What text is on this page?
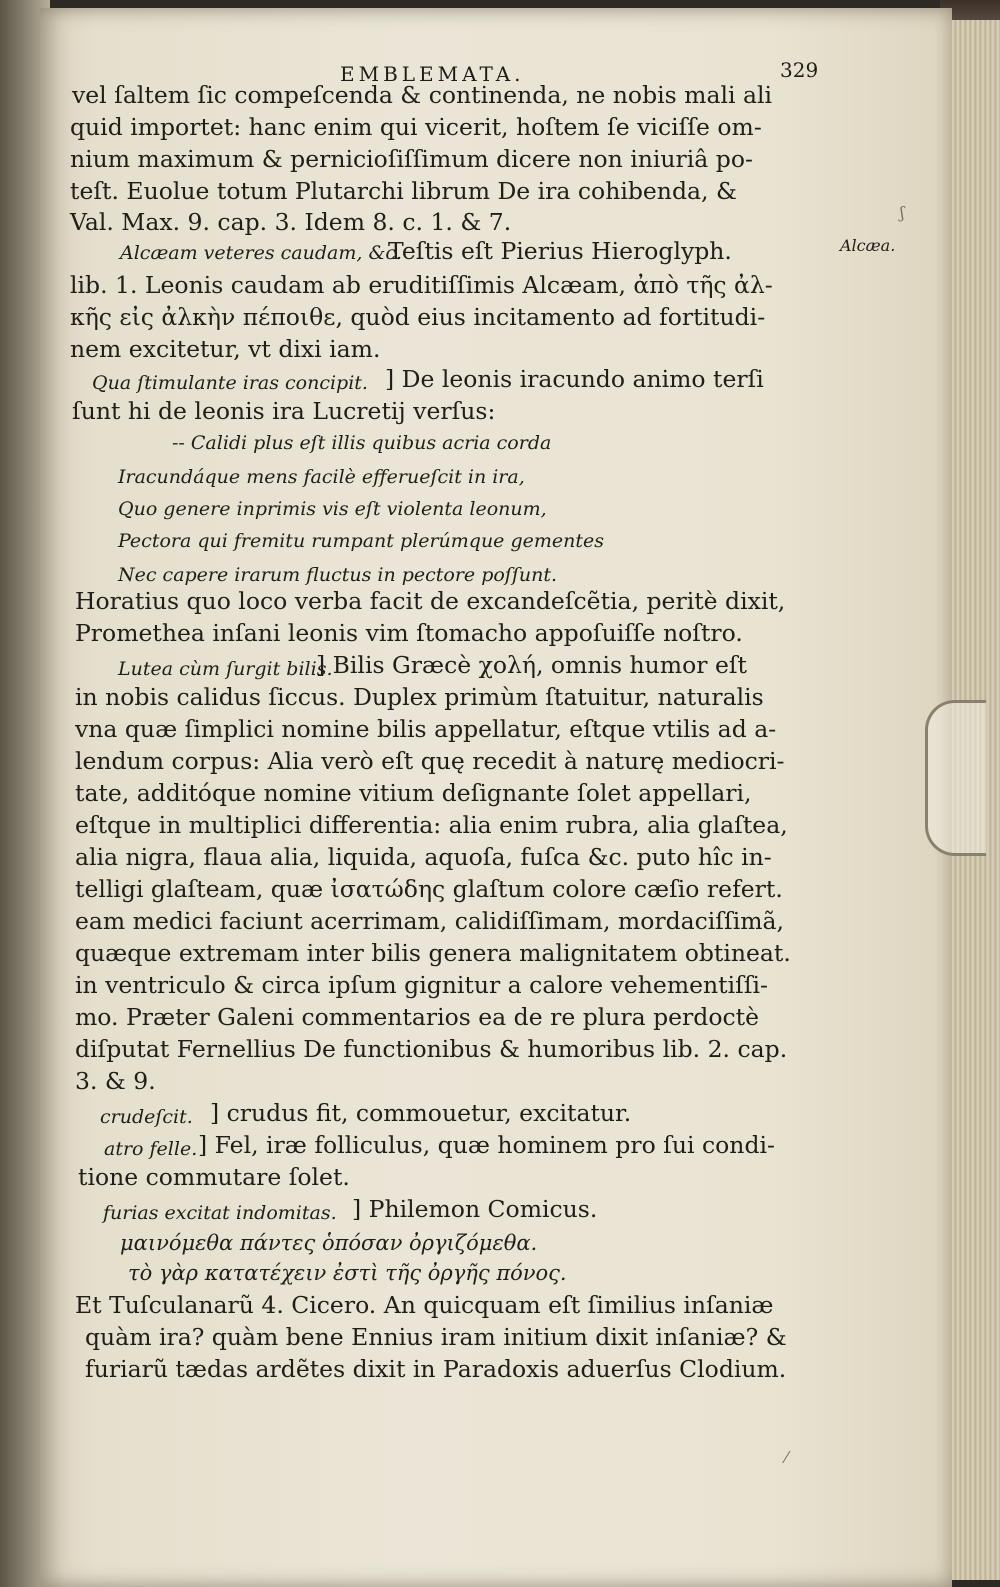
EMBLEMATA.	329
Alcæa.
vel ſaltem ſic compeſcenda & continenda, ne nobis mali ali
quid importet: hanc enim qui vicerit, hoſtem ſe viciſſe om-
nium maximum & pernicioſiſſimum dicere non iniuriâ po-
teſt. Euolue totum Plutarchi librum De ira cohibenda, &
Val. Max. 9. cap. 3. Idem 8. c. 1. & 7.
Alcæam veteres caudam, &c.
Teſtis eſt Pierius Hieroglyph.
lib. 1. Leonis caudam ab eruditiſſimis Alcæam, ἀπὸ τῆς ἀλ-
κῆς εἰς ἀλκὴν πέποιθε, quòd eius incitamento ad fortitudi-
nem excitetur, vt dixi iam.
Qua ſtimulante iras concipit. ] De leonis iracundo animo terſi
ſunt hi de leonis ira Lucretij verſus:
-- Calidi plus eſt illis quibus acria corda
Iracundáque mens facilè efferueſcit in ira,
Quo genere inprimis vis eſt violenta leonum,
Pectora qui fremitu rumpant plerúmque gementes
Nec capere irarum fluctus in pectore poſſunt.
Horatius quo loco verba facit de excandeſcẽtia, peritè dixit,
Promethea inſani leonis vim ſtomacho appoſuiſſe noſtro.
Lutea cùm ſurgit bilis.
] Bilis Græcè χολή, omnis humor eſt
in nobis calidus ſiccus. Duplex primùm ſtatuitur, naturalis
vna quæ ſimplici nomine bilis appellatur, eſtque vtilis ad a-
lendum corpus: Alia verò eſt quę recedit à naturę mediocri-
tate, additóque nomine vitium deſignante ſolet appellari,
eſtque in multiplici differentia: alia enim rubra, alia glaſtea,
alia nigra, flaua alia, liquida, aquoſa, fuſca &c. puto hîc in-
telligi glaſteam, quæ ἰσατώδης glaſtum colore cæſio refert.
eam medici faciunt acerrimam, calidiſſimam, mordaciſſimã,
quæque extremam inter bilis genera malignitatem obtineat.
in ventriculo & circa ipſum gignitur a calore vehementiſſi-
mo. Præter Galeni commentarios ea de re plura perdoctè
diſputat Fernellius De functionibus & humoribus lib. 2. cap.
3. & 9.
crudeſcit. ] crudus fit, commouetur, excitatur.
atro felle. ] Fel, iræ folliculus, quæ hominem pro ſui condi-
tione commutare ſolet.
furias excitat indomitas. ] Philemon Comicus.
μαινόμεθα πάντες ὁπόσαν ὀργιζόμεθα.
τὸ γὰρ κατατέχειν ἐστὶ τῆς ὀργῆς πόνος.
Et Tuſculanarũ 4. Cicero. An quicquam eſt ſimilius inſaniæ
quàm ira? quàm bene Ennius iram initium dixit inſaniæ? &
furiarũ tædas ardẽtes dixit in Paradoxis aduerſus Clodium.
ʃ
⁄
